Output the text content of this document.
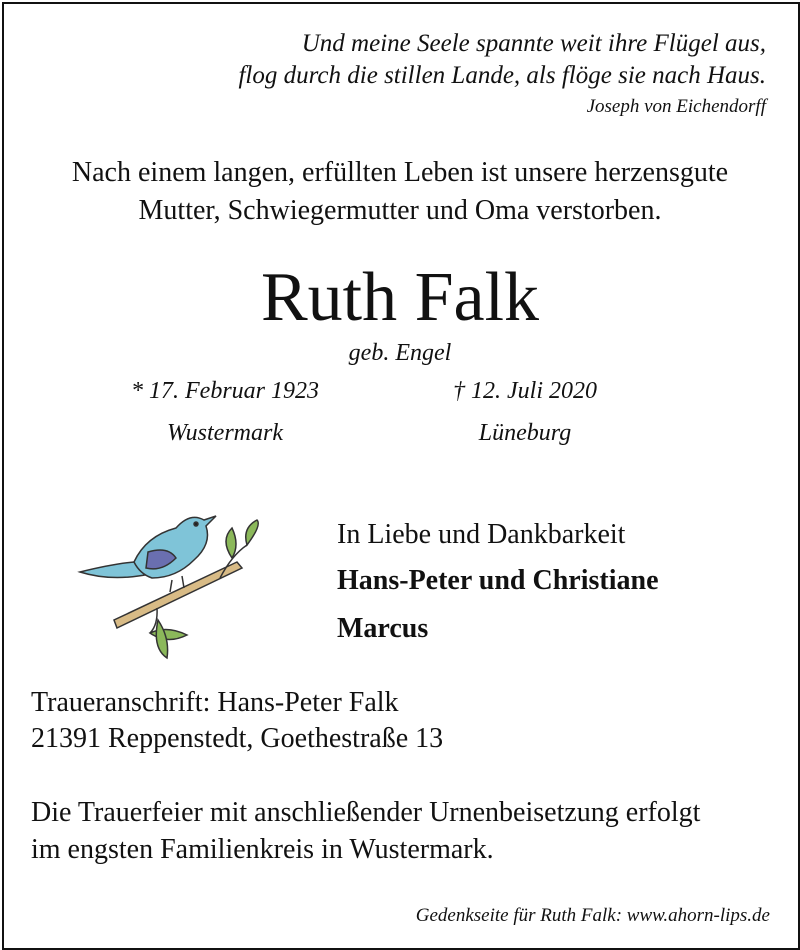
Und meine Seele spannte weit ihre Flügel aus,

flog durch die stillen Lande, als flöge sie nach Haus.

Joseph von Eichendorff

Nach einem langen, erfüllten Leben ist unsere herzensgute

Mutter, Schwiegermutter und Oma verstorben.

Ruth Falk

geb. Engel

* 17. Februar 1923	† 12. Juli 2020

Wustermark	Lüneburg

In Liebe und Dankbarkeit

Hans-Peter und Christiane

Marcus

Traueranschrift: Hans-Peter Falk

21391 Reppenstedt, Goethestraße 13

Die Trauerfeier mit anschließender Urnenbeisetzung erfolgt

im engsten Familienkreis in Wustermark.

Gedenkseite für Ruth Falk: www.ahorn-lips.de
